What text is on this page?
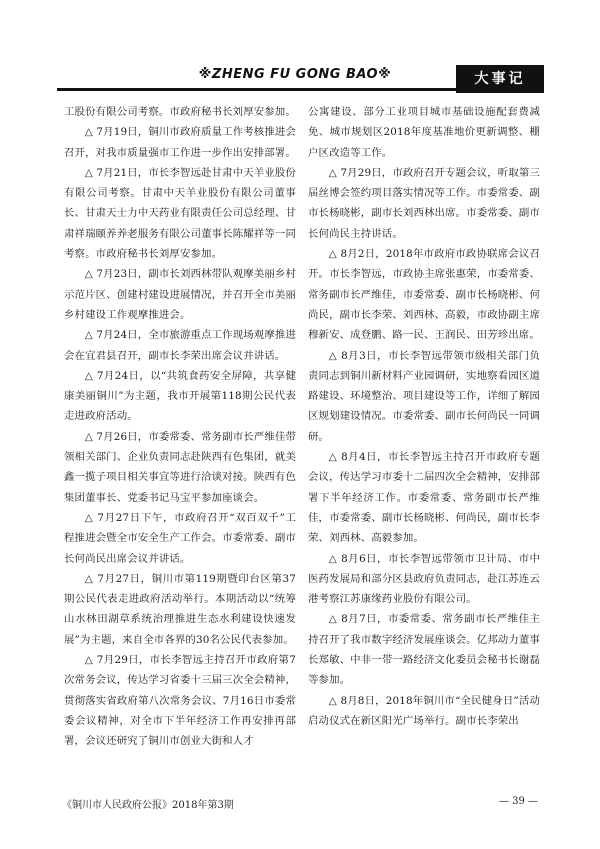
※ZHENG FU GONG BAO※	大事记

工股份有限公司考察。市政府秘书长刘厚安参加。

△ 7月19日，铜川市政府质量工作考核推进会召开，对我市质量强市工作进一步作出安排部署。

△ 7月21日，市长李智远赴甘肃中天羊业股份有限公司考察。甘肃中天羊业股份有限公司董事长、甘肃天士力中天药业有限责任公司总经理、甘肃祥瑞颐养养老服务有限公司董事长陈耀祥等一同考察。市政府秘书长刘厚安参加。

△ 7月23日，副市长刘西林带队观摩美丽乡村示范片区、创建村建设进展情况，并召开全市美丽乡村建设工作观摩推进会。

△ 7月24日，全市旅游重点工作现场观摩推进会在宜君县召开，副市长李荣出席会议并讲话。

△ 7月24日，以“共筑食药安全屏障，共享健康美丽铜川”为主题，我市开展第118期公民代表走进政府活动。

△ 7月26日，市委常委、常务副市长严维佳带领相关部门、企业负责同志赴陕西有色集团，就美鑫一揽子项目相关事宜等进行洽谈对接。陕西有色集团董事长、党委书记马宝平参加座谈会。

△ 7月27日下午，市政府召开“双百双千”工程推进会暨全市安全生产工作会。市委常委、副市长何尚民出席会议并讲话。

△ 7月27日，铜川市第119期暨印台区第37期公民代表走进政府活动举行。本期活动以“统筹山水林田湖草系统治理推进生态水利建设快速发展”为主题，来自全市各界的30名公民代表参加。

△ 7月29日，市长李智远主持召开市政府第7次常务会议，传达学习省委十三届三次全会精神，贯彻落实省政府第八次常务会议、7月16日市委常委会议精神，对全市下半年经济工作再安排再部署，会议还研究了铜川市创业大街和人才

公寓建设、部分工业项目城市基础设施配套费减免、城市规划区2018年度基准地价更新调整、棚户区改造等工作。

△ 7月29日，市政府召开专题会议，听取第三届丝博会签约项目落实情况等工作。市委常委、副市长杨晓彬，副市长刘西林出席。市委常委、副市长何尚民主持讲话。

△ 8月2日，2018年市政府市政协联席会议召开。市长李智远，市政协主席张惠荣，市委常委、常务副市长严维佳，市委常委、副市长杨晓彬、何尚民，副市长李荣、刘西林、高毅，市政协副主席穆新安、成登鹏、路一民、王润民、田芳珍出席。

△ 8月3日，市长李智远带领市级相关部门负责同志到铜川新材料产业园调研，实地察看园区道路建设、环境整治、项目建设等工作，详细了解园区规划建设情况。市委常委、副市长何尚民一同调研。

△ 8月4日，市长李智远主持召开市政府专题会议，传达学习市委十二届四次全会精神，安排部署下半年经济工作。市委常委、常务副市长严维佳，市委常委、副市长杨晓彬、何尚民，副市长李荣、刘西林、高毅参加。

△ 8月6日，市长李智远带领市卫计局、市中医药发展局和部分区县政府负责同志，赴江苏连云港考察江苏康缘药业股份有限公司。

△ 8月7日，市委常委、常务副市长严维佳主持召开了我市数字经济发展座谈会。亿邦动力董事长郑敏、中非一带一路经济文化委员会秘书长谢磊等参加。

△ 8月8日，2018年铜川市“全民健身日”活动启动仪式在新区阳光广场举行。副市长李荣出

《铜川市人民政府公报》2018年第3期	— 39 —
